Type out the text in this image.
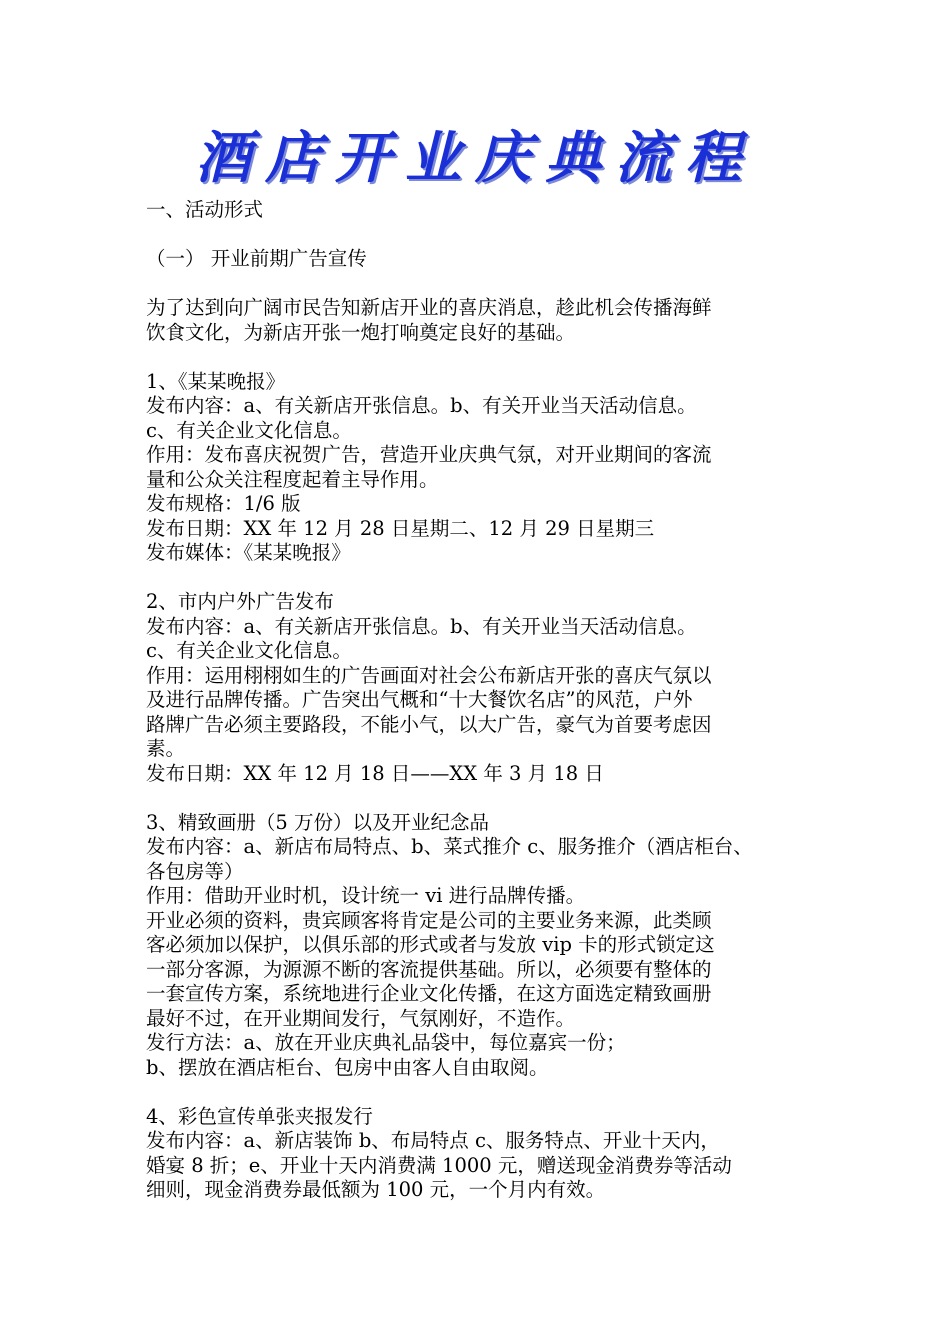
酒店开业庆典流程

一、活动形式

（一） 开业前期广告宣传

为了达到向广阔市民告知新店开业的喜庆消息，趁此机会传播海鲜

饮食文化，为新店开张一炮打响奠定良好的基础。

1、《某某晚报》

发布内容：a、有关新店开张信息。b、有关开业当天活动信息。

c、有关企业文化信息。

作用：发布喜庆祝贺广告，营造开业庆典气氛，对开业期间的客流

量和公众关注程度起着主导作用。

发布规格：1/6 版

发布日期：XX 年 12 月 28 日星期二、12 月 29 日星期三

发布媒体：《某某晚报》

2、市内户外广告发布

发布内容：a、有关新店开张信息。b、有关开业当天活动信息。

c、有关企业文化信息。

作用：运用栩栩如生的广告画面对社会公布新店开张的喜庆气氛以

及进行品牌传播。广告突出气概和“十大餐饮名店”的风范，户外

路牌广告必须主要路段，不能小气，以大广告，豪气为首要考虑因

素。

发布日期：XX 年 12 月 18 日——XX 年 3 月 18 日

3、精致画册（5 万份）以及开业纪念品

发布内容：a、新店布局特点、b、菜式推介 c、服务推介（酒店柜台、

各包房等）

作用：借助开业时机，设计统一 vi 进行品牌传播。

开业必须的资料，贵宾顾客将肯定是公司的主要业务来源，此类顾

客必须加以保护，以俱乐部的形式或者与发放 vip 卡的形式锁定这

一部分客源，为源源不断的客流提供基础。所以，必须要有整体的

一套宣传方案，系统地进行企业文化传播，在这方面选定精致画册

最好不过，在开业期间发行，气氛刚好，不造作。

发行方法：a、放在开业庆典礼品袋中，每位嘉宾一份；

b、摆放在酒店柜台、包房中由客人自由取阅。

4、彩色宣传单张夹报发行

发布内容：a、新店装饰 b、布局特点 c、服务特点、开业十天内，

婚宴 8 折；e、开业十天内消费满 1000 元，赠送现金消费券等活动

细则，现金消费券最低额为 100 元，一个月内有效。
